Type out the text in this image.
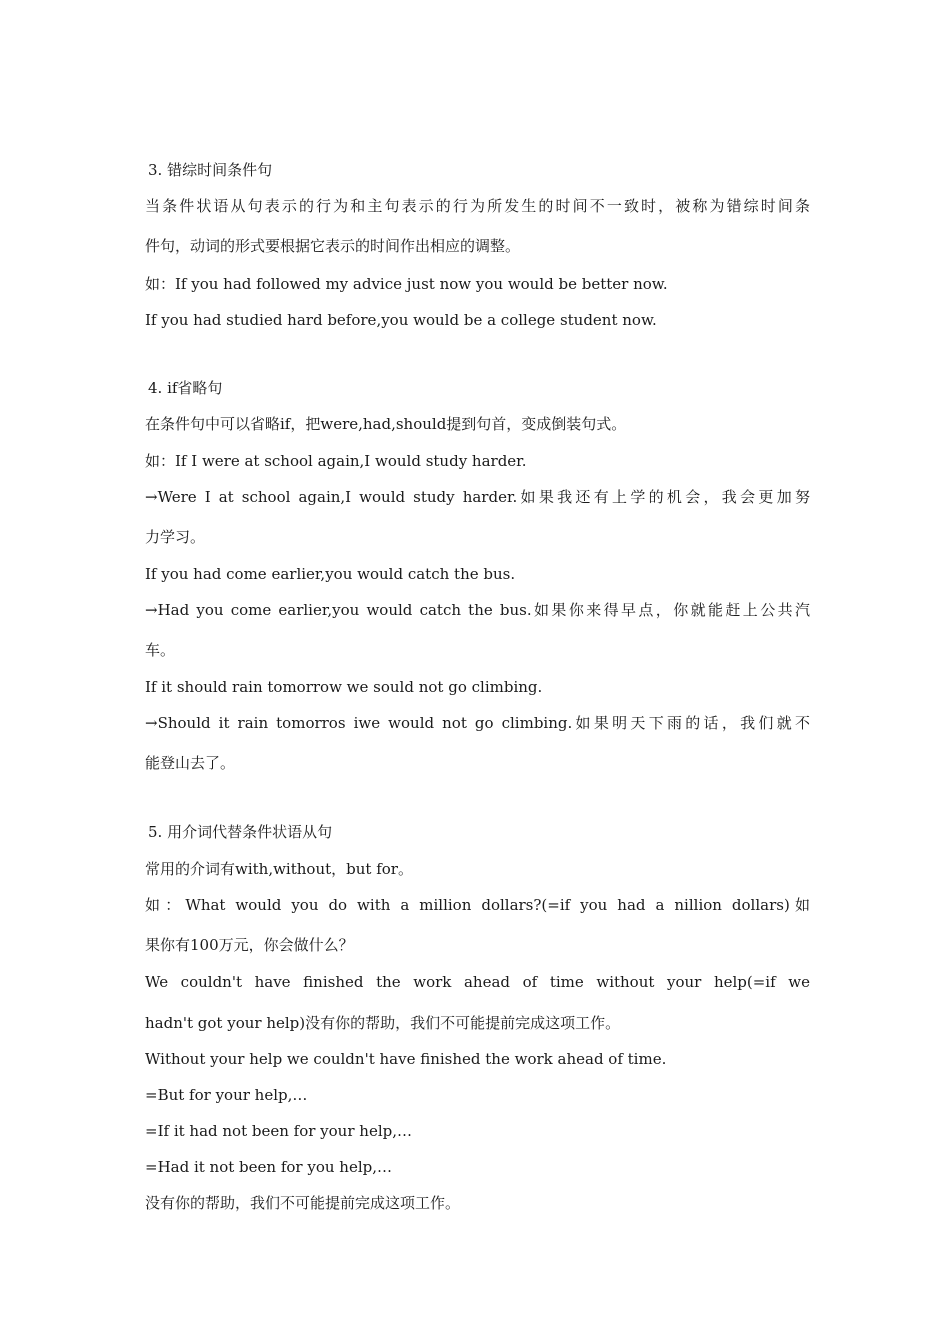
3. 错综时间条件句
当条件状语从句表示的行为和主句表示的行为所发生的时间不一致时，被称为错综时间条
件句，动词的形式要根据它表示的时间作出相应的调整。
如：If you had followed my advice just now you would be better now.
If you had studied hard before,you would be a college student now.
4. if省略句
在条件句中可以省略if，把were,had,should提到句首，变成倒装句式。
如：If I were at school again,I would study harder.
→Were I at school again,I would study harder.如果我还有上学的机会，我会更加努
力学习。
If you had come earlier,you would catch the bus.
→Had you come earlier,you would catch the bus.如果你来得早点，你就能赶上公共汽
车。
If it should rain tomorrow we sould not go climbing.
→Should it rain tomorros iwe would not go climbing.如果明天下雨的话，我们就不
能登山去了。
5. 用介词代替条件状语从句
常用的介词有with,without，but for。
如：What would you do with a million dollars?(=if you had a nillion dollars)如
果你有100万元，你会做什么？
We couldn't have finished the work ahead of time without your help(=if we
hadn't got your help)没有你的帮助，我们不可能提前完成这项工作。
Without your help we couldn't have finished the work ahead of time.
=But for your help,…
=If it had not been for your help,…
=Had it not been for you help,…
没有你的帮助，我们不可能提前完成这项工作。
